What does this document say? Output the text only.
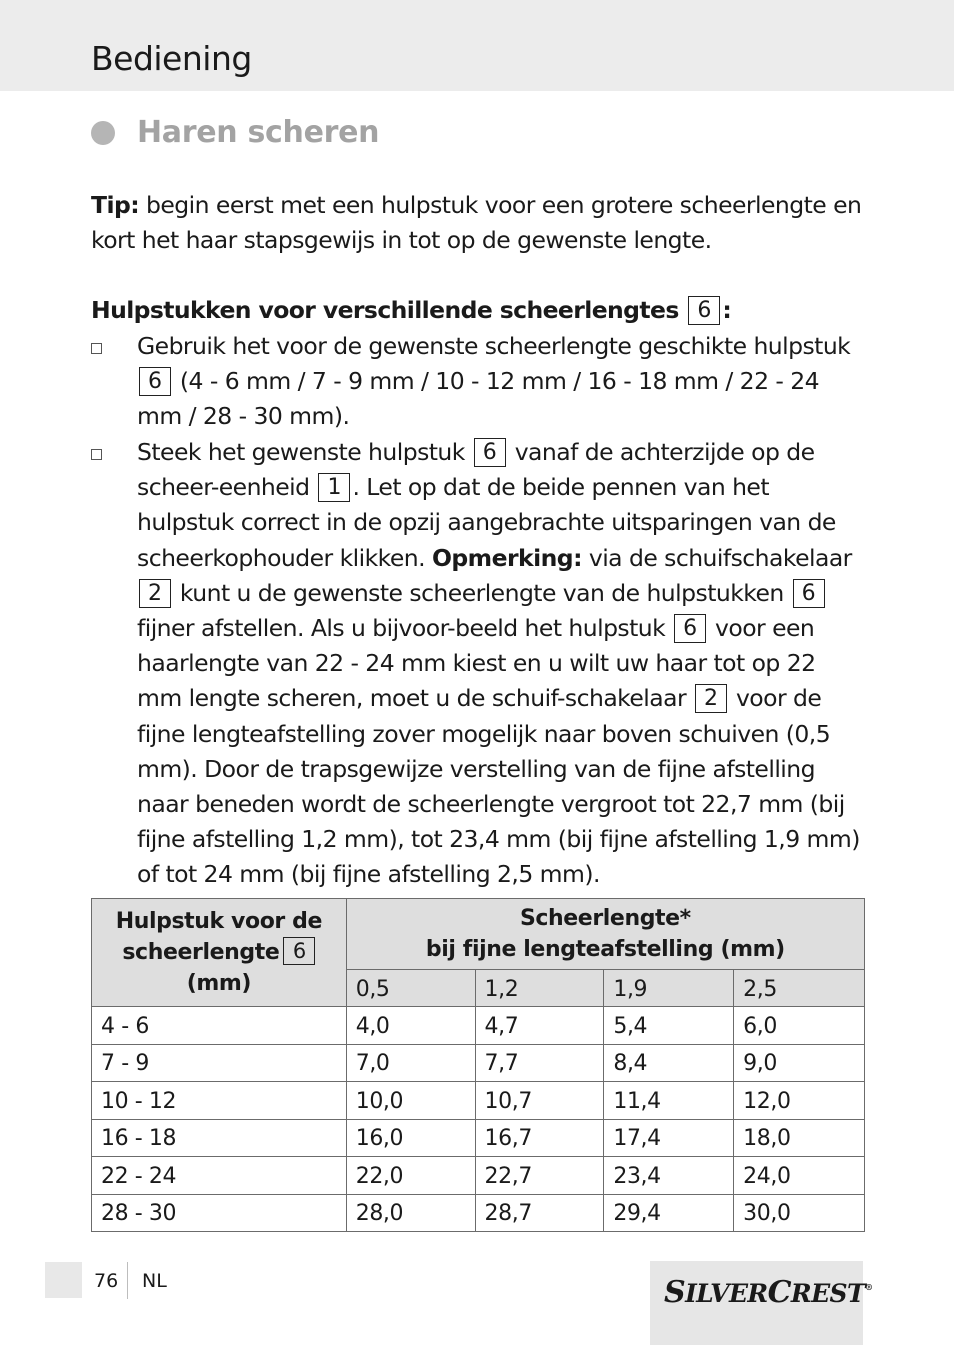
Bediening
Haren scheren

Tip: begin eerst met een hulpstuk voor een grotere scheerlengte en kort het haar stapsgewijs in tot op de gewenste lengte.

Hulpstukken voor verschillende scheerlengtes 6 :

Gebruik het voor de gewenste scheerlengte geschikte hulpstuk 6 (4 - 6 mm / 7 - 9 mm / 10 - 12 mm / 16 - 18 mm / 22 - 24 mm / 28 - 30 mm).

Steek het gewenste hulpstuk 6 vanaf de achterzijde op de scheer-eenheid 1 . Let op dat de beide pennen van het hulpstuk correct in de opzij aangebrachte uitsparingen van de scheerkophouder klikken. Opmerking: via de schuifschakelaar 2 kunt u de gewenste scheerlengte van de hulpstukken 6 fijner afstellen. Als u bijvoor-beeld het hulpstuk 6 voor een haarlengte van 22 - 24 mm kiest en u wilt uw haar tot op 22 mm lengte scheren, moet u de schuif-schakelaar 2 voor de fijne lengteafstelling zover mogelijk naar boven schuiven (0,5 mm). Door de trapsgewijze verstelling van de fijne afstelling naar beneden wordt de scheerlengte vergroot tot 22,7 mm (bij fijne afstelling 1,2 mm), tot 23,4 mm (bij fijne afstelling 1,9 mm) of tot 24 mm (bij fijne afstelling 2,5 mm).

Hulpstuk voor de
scheerlengte 6
(mm)	Scheerlengte*
bij fijne lengteafstelling (mm)			
	0,5	1,2	1,9	2,5
4 - 6	4,0	4,7	5,4	6,0
7 - 9	7,0	7,7	8,4	9,0
10 - 12	10,0	10,7	11,4	12,0
16 - 18	16,0	16,7	17,4	18,0
22 - 24	22,0	22,7	23,4	24,0
28 - 30	28,0	28,7	29,4	30,0
76 NL	SILVERCREST®
